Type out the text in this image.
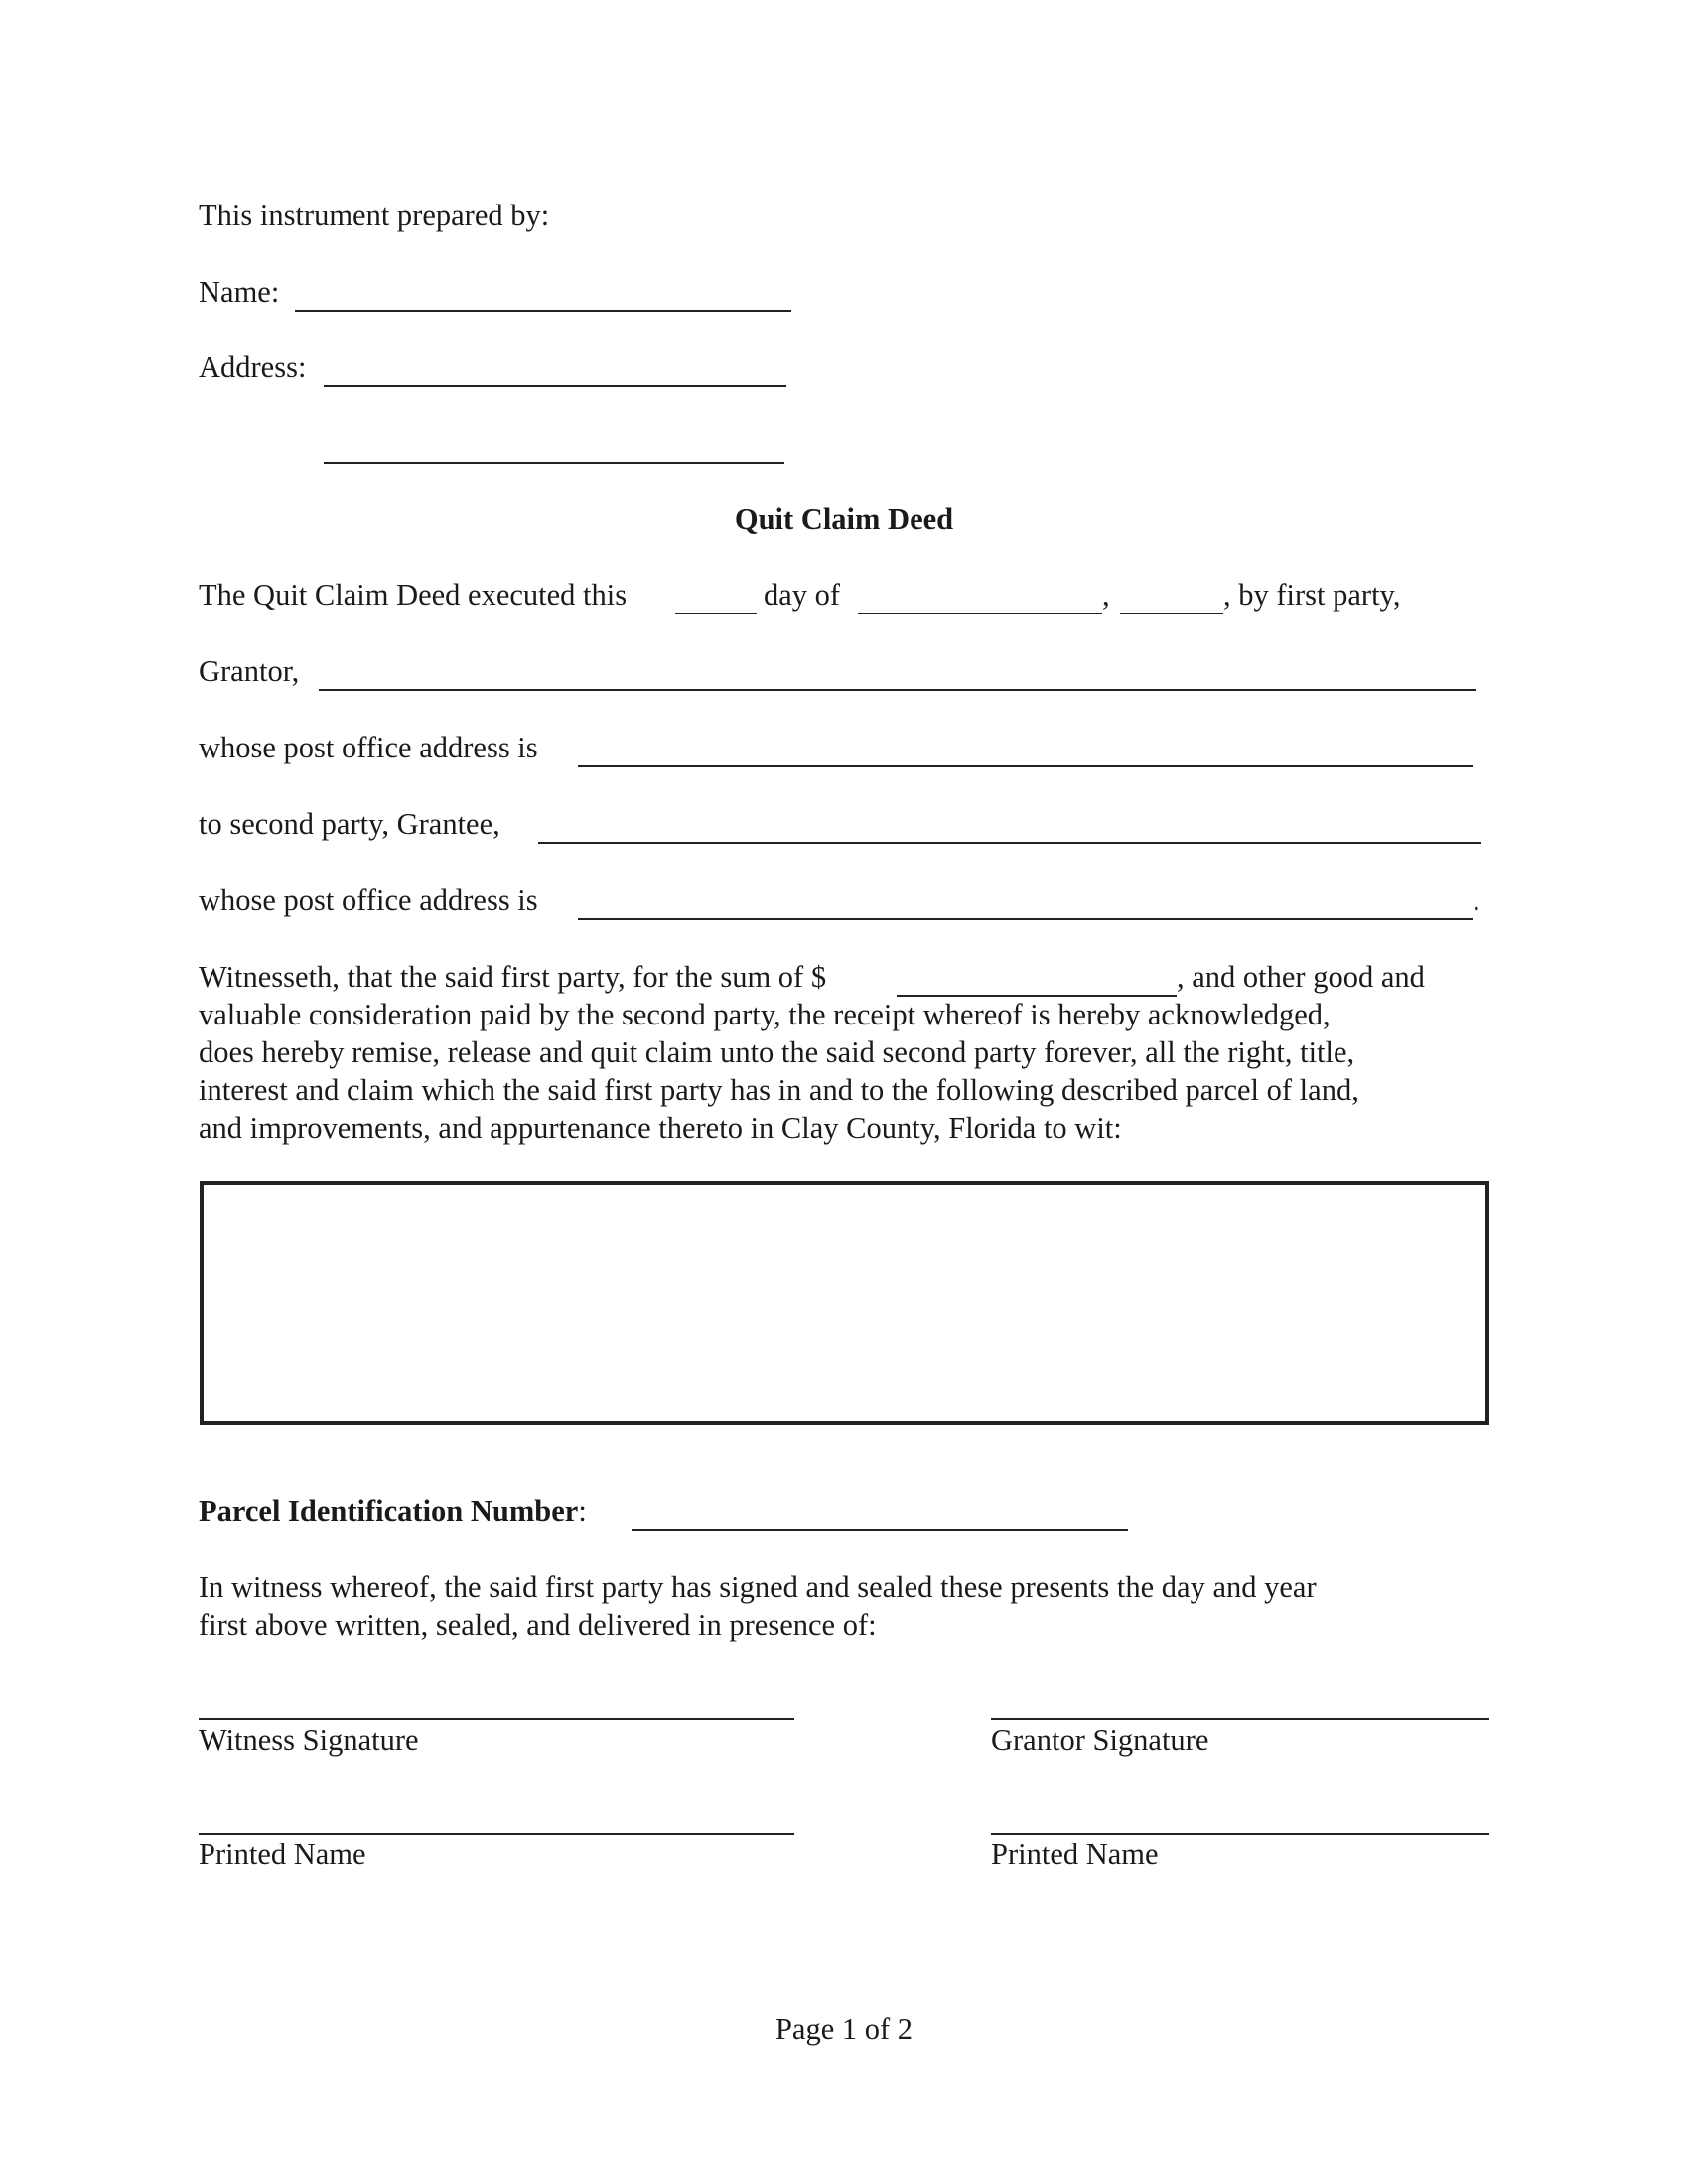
This instrument prepared by:
Name:
Address:
Quit Claim Deed
The Quit Claim Deed executed this	day of	,	, by first party,
Grantor,
whose post office address is
to second party, Grantee,
whose post office address is	.
Witnesseth, that the said first party, for the sum of $	, and other good and
valuable consideration paid by the second party, the receipt whereof is hereby acknowledged,
does hereby remise, release and quit claim unto the said second party forever, all the right, title,
interest and claim which the said first party has in and to the following described parcel of land,
and improvements, and appurtenance thereto in Clay County, Florida to wit:
Parcel Identification Number:
In witness whereof, the said first party has signed and sealed these presents the day and year
first above written, sealed, and delivered in presence of:
Witness Signature	Grantor Signature
Printed Name	Printed Name
Page 1 of 2
